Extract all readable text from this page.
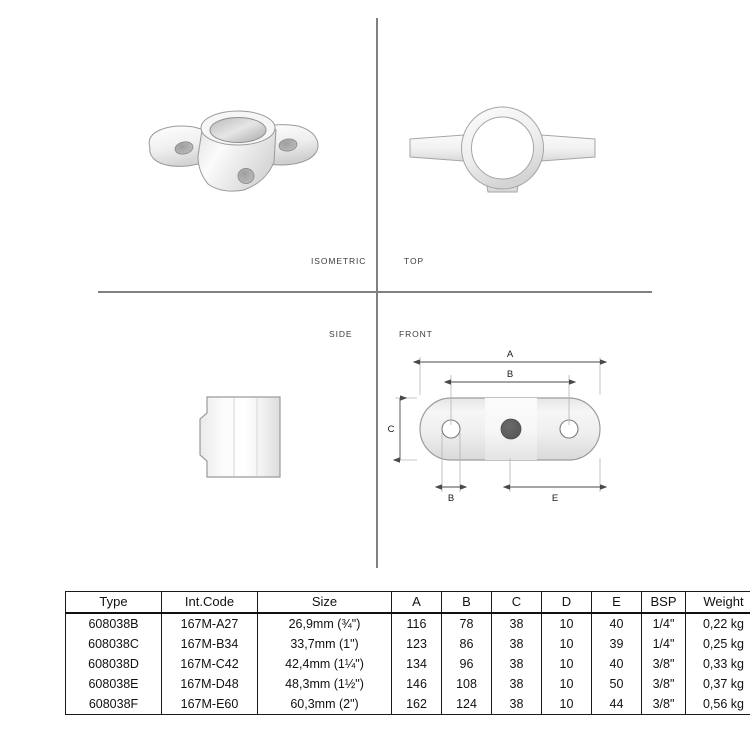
ISOMETRIC	TOP
SIDE
A
B
C
B	E
FRONT
Type	Int.Code	Size	A	B	C	D	E	BSP	Weight
608038B	167M-A27	26,9mm (¾")	116	78	38	10	40	1/4"	0,22 kg
608038C	167M-B34	33,7mm (1")	123	86	38	10	39	1/4"	0,25 kg
608038D	167M-C42	42,4mm (1¼")	134	96	38	10	40	3/8"	0,33 kg
608038E	167M-D48	48,3mm (1½")	146	108	38	10	50	3/8"	0,37 kg
608038F	167M-E60	60,3mm (2")	162	124	38	10	44	3/8"	0,56 kg
